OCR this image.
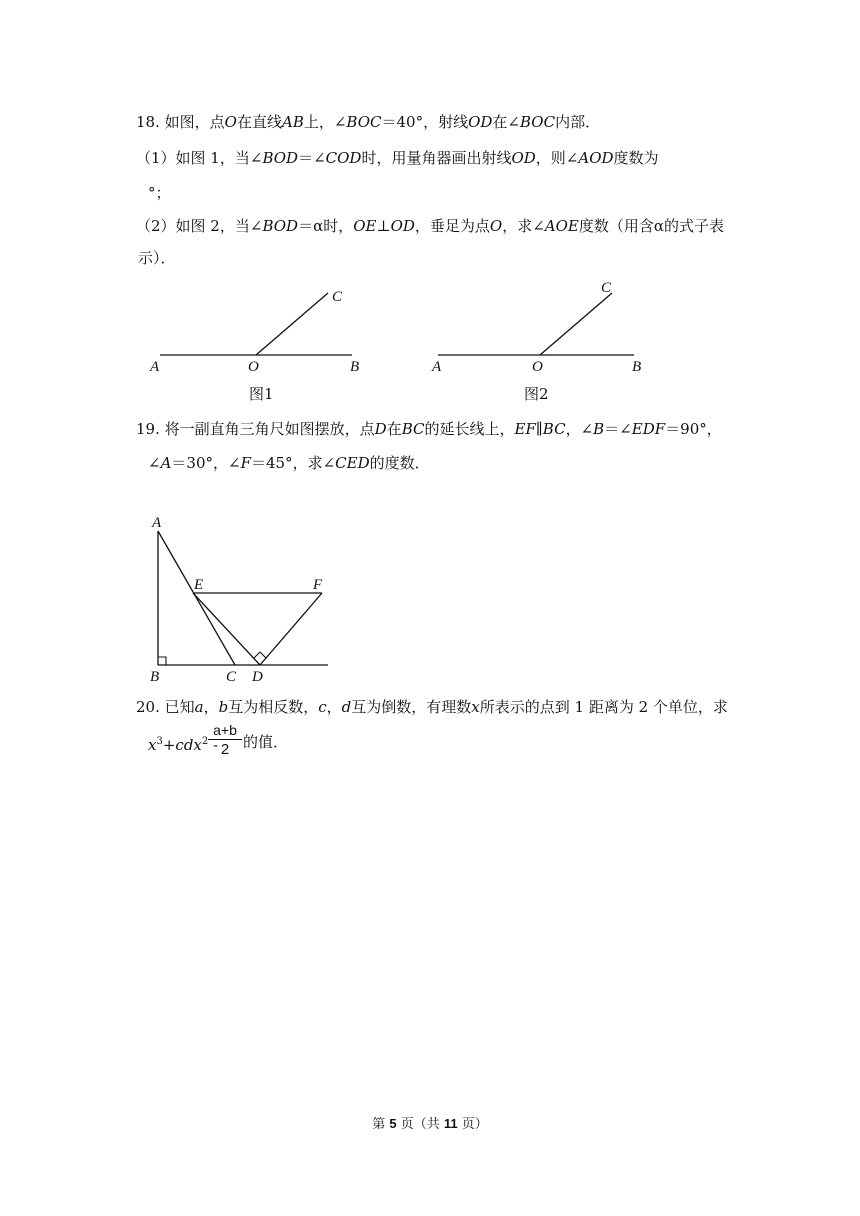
18. 如图，点O在直线AB上，∠BOC＝40°，射线OD在∠BOC内部．
（1）如图 1，当∠BOD＝∠COD时，用量角器画出射线OD，则∠AOD度数为
°；
（2）如图 2，当∠BOD＝α时，OE⊥OD，垂足为点O，求∠AOE度数（用含α的式子表
示）．
A	O	B
C
A	O	B
C
图1	图2
19. 将一副直角三角尺如图摆放，点D在BC的延长线上，EF∥BC，∠B＝∠EDF＝90°，
∠A＝30°，∠F＝45°，求∠CED的度数．
A
E	F
B	C D
20. 已知a，b互为相反数，c，d互为倒数，有理数x所表示的点到 1 距离为 2 个单位，求
$x^3+cdx^2$ -
$\frac{a+b}{2}$ 的值．
第 5 页（共 11 页）
